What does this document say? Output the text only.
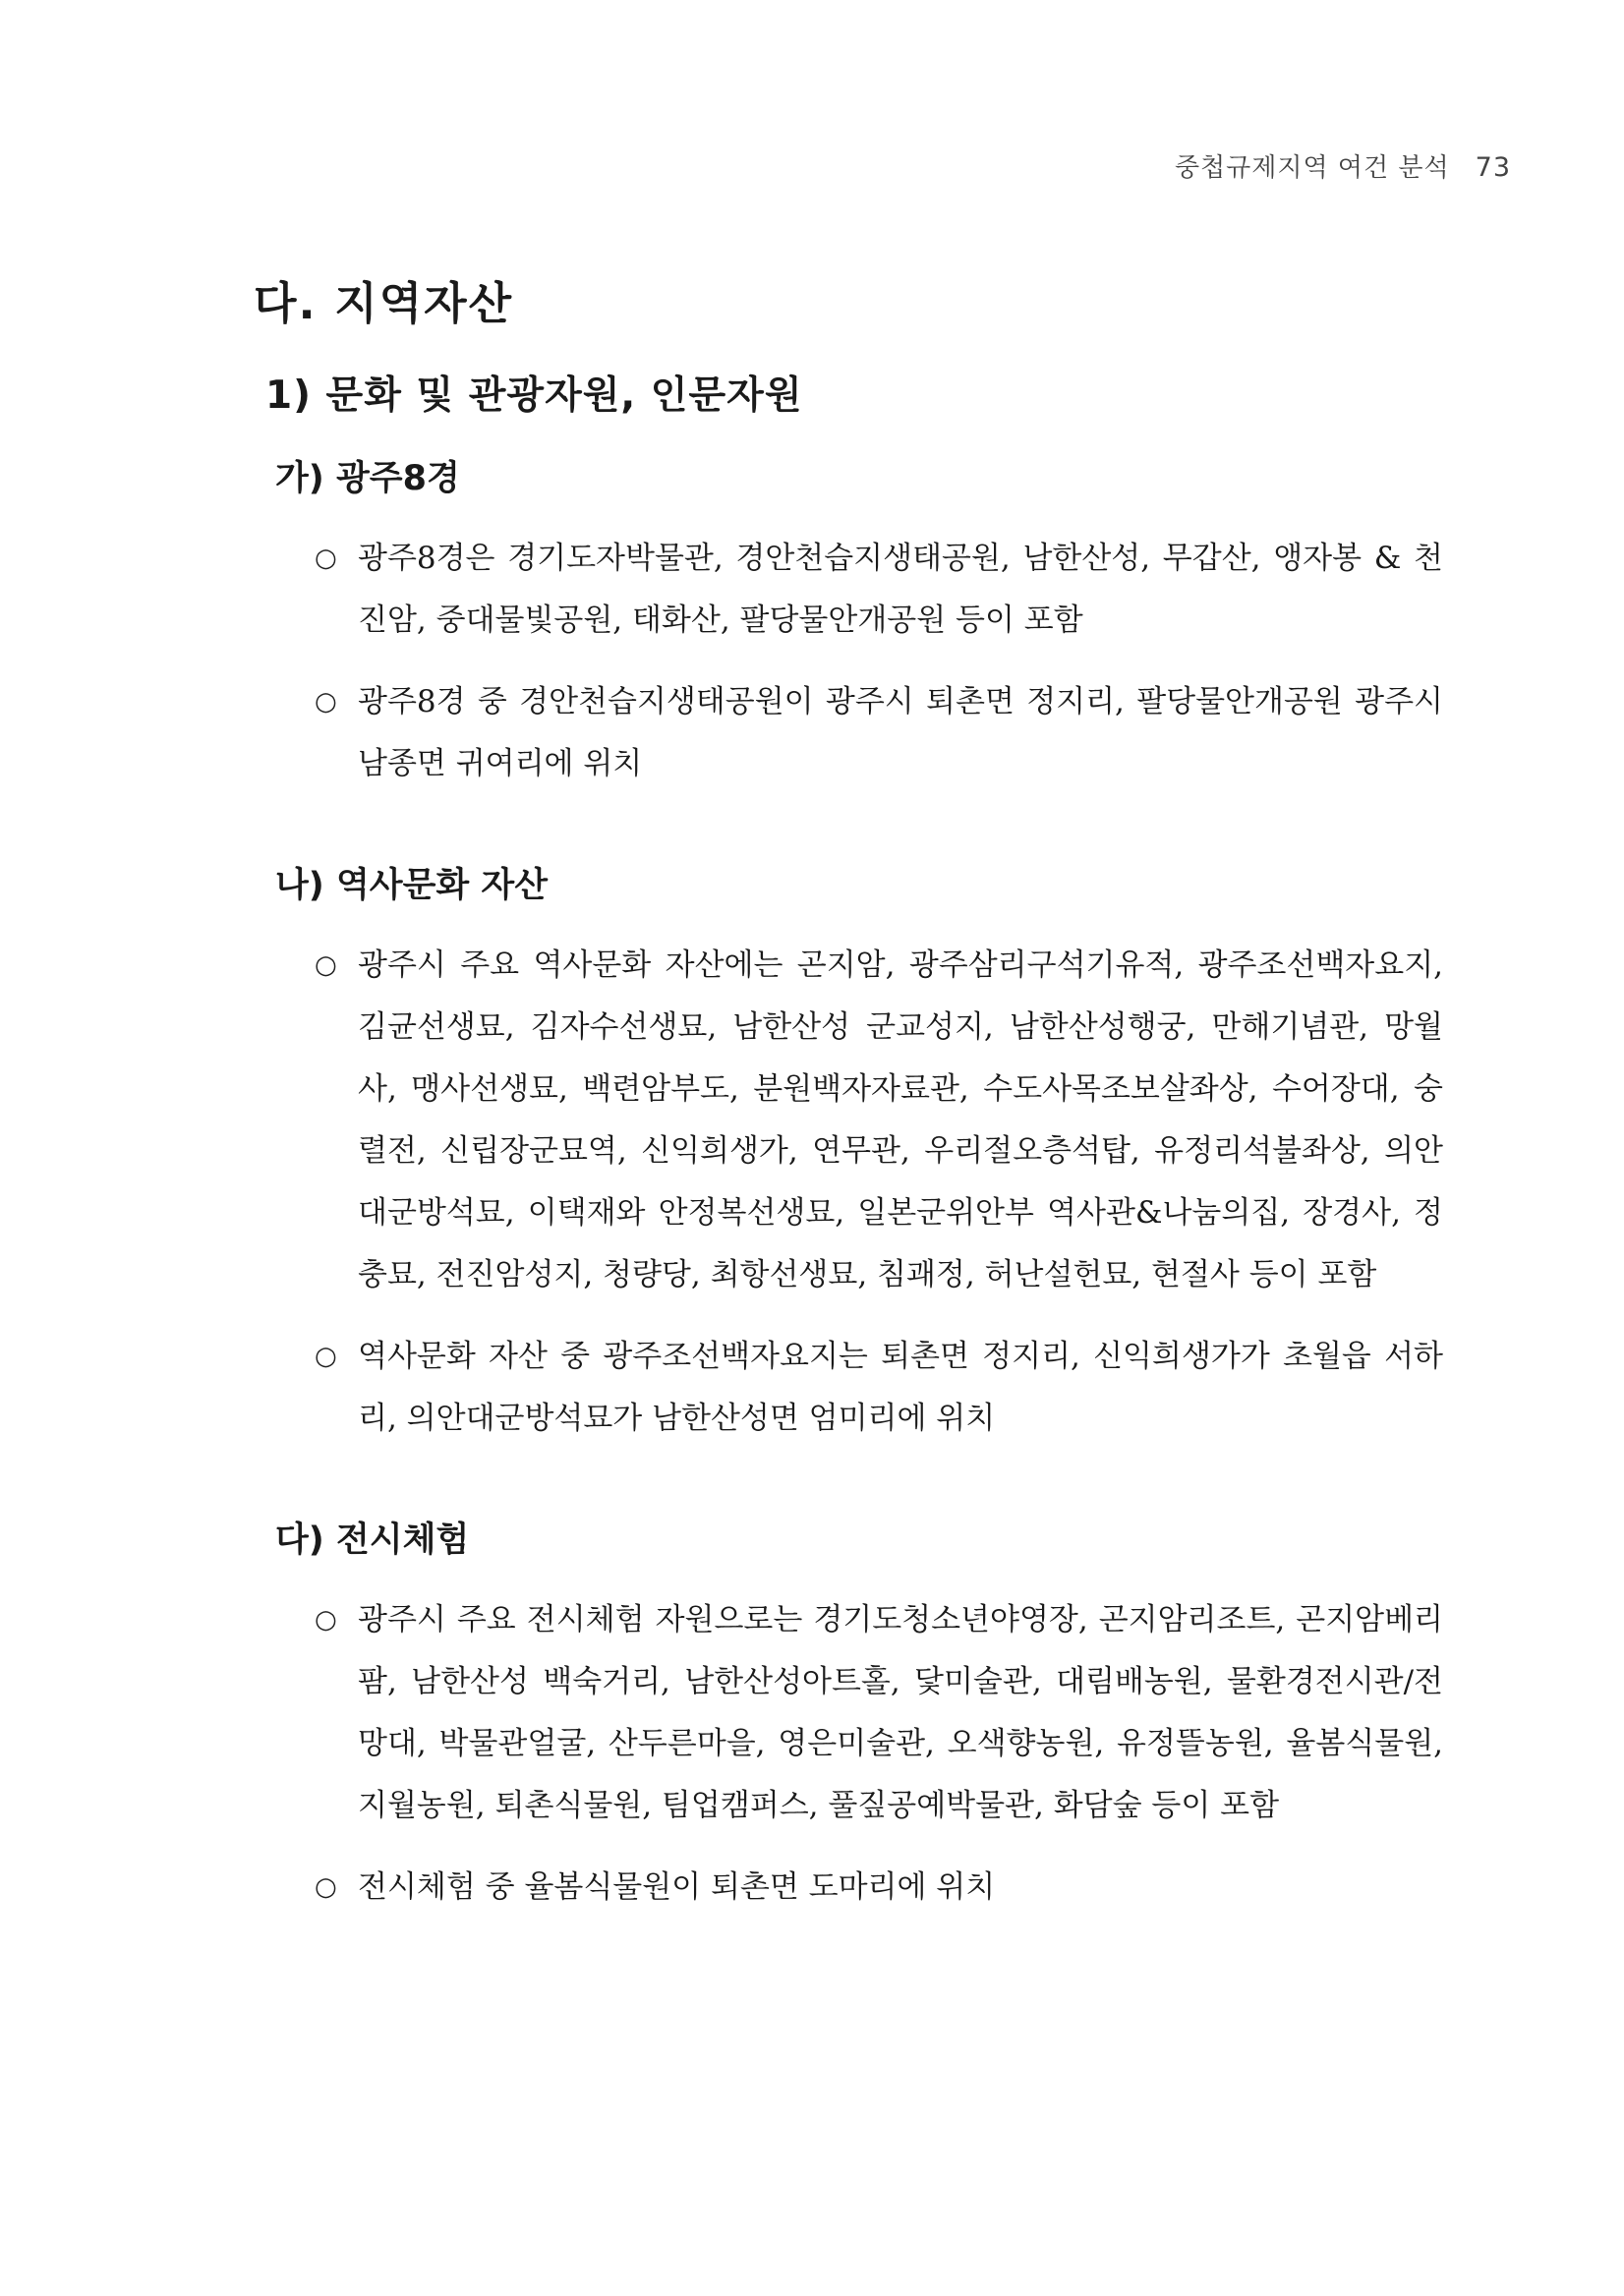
중첩규제지역 여건 분석 73
다. 지역자산
1) 문화 및 관광자원, 인문자원
가) 광주8경
○ 광주8경은 경기도자박물관, 경안천습지생태공원, 남한산성, 무갑산, 앵자봉 & 천진암, 중대물빛공원, 태화산, 팔당물안개공원 등이 포함
○ 광주8경 중 경안천습지생태공원이 광주시 퇴촌면 정지리, 팔당물안개공원 광주시 남종면 귀여리에 위치
나) 역사문화 자산
○ 광주시 주요 역사문화 자산에는 곤지암, 광주삼리구석기유적, 광주조선백자요지, 김균선생묘, 김자수선생묘, 남한산성 군교성지, 남한산성행궁, 만해기념관, 망월사, 맹사선생묘, 백련암부도, 분원백자자료관, 수도사목조보살좌상, 수어장대, 숭렬전, 신립장군묘역, 신익희생가, 연무관, 우리절오층석탑, 유정리석불좌상, 의안대군방석묘, 이택재와 안정복선생묘, 일본군위안부 역사관&나눔의집, 장경사, 정충묘, 전진암성지, 청량당, 최항선생묘, 침괘정, 허난설헌묘, 현절사 등이 포함
○ 역사문화 자산 중 광주조선백자요지는 퇴촌면 정지리, 신익희생가가 초월읍 서하리, 의안대군방석묘가 남한산성면 엄미리에 위치
다) 전시체험
○ 광주시 주요 전시체험 자원으로는 경기도청소년야영장, 곤지암리조트, 곤지암베리팜, 남한산성 백숙거리, 남한산성아트홀, 닻미술관, 대림배농원, 물환경전시관/전망대, 박물관얼굴, 산두른마을, 영은미술관, 오색향농원, 유정뜰농원, 율봄식물원, 지월농원, 퇴촌식물원, 팀업캠퍼스, 풀짚공예박물관, 화담숲 등이 포함
○ 전시체험 중 율봄식물원이 퇴촌면 도마리에 위치
